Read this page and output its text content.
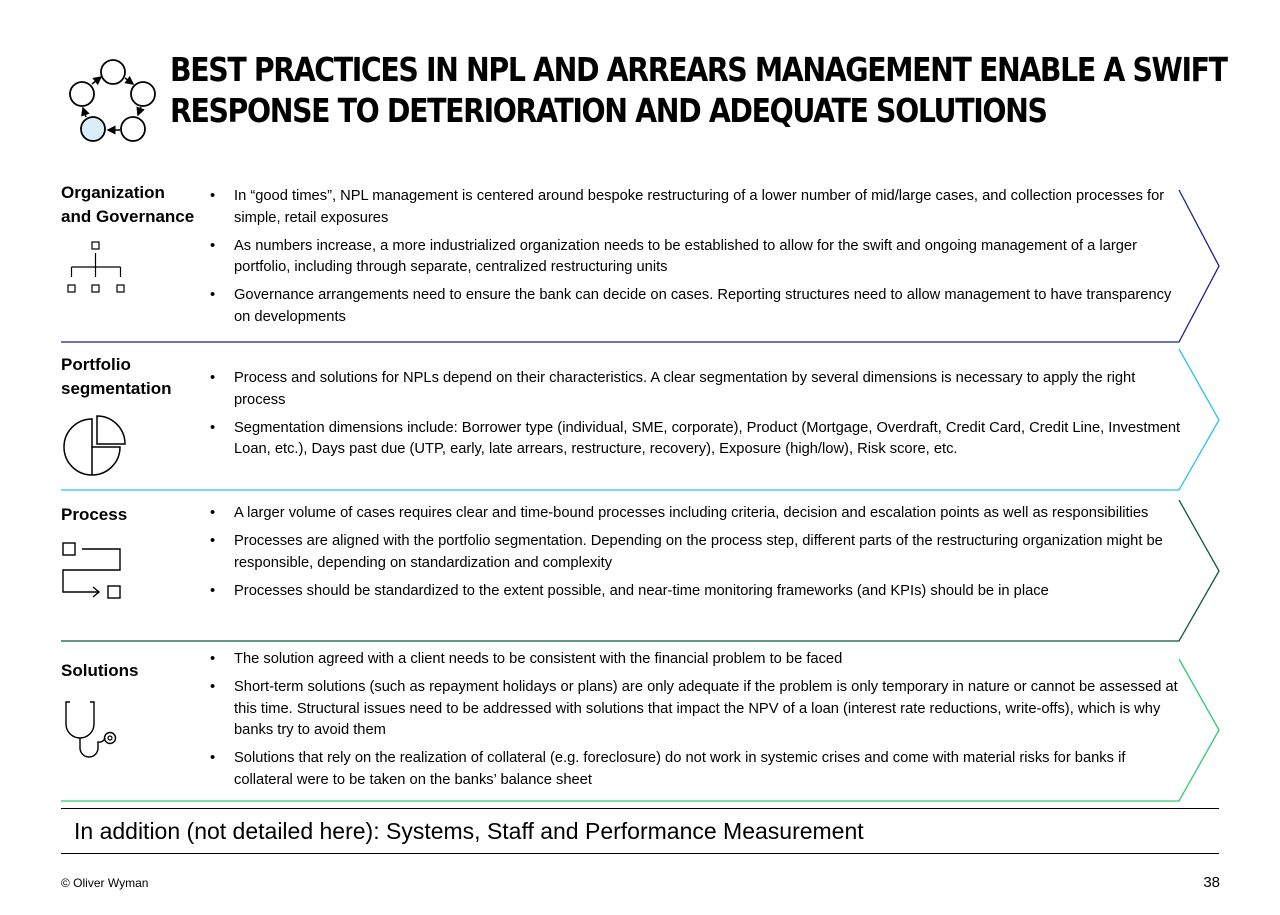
BEST PRACTICES IN NPL AND ARREARS MANAGEMENT ENABLE A SWIFT
RESPONSE TO DETERIORATION AND ADEQUATE SOLUTIONS
Organization
and Governance
• In “good times”, NPL management is centered around bespoke restructuring of a lower number of mid/large cases, and collection processes for simple, retail exposures
• As numbers increase, a more industrialized organization needs to be established to allow for the swift and ongoing management of a larger portfolio, including through separate, centralized restructuring units
• Governance arrangements need to ensure the bank can decide on cases. Reporting structures need to allow management to have transparency on developments
Portfolio
segmentation
• Process and solutions for NPLs depend on their characteristics. A clear segmentation by several dimensions is necessary to apply the right process
• Segmentation dimensions include: Borrower type (individual, SME, corporate), Product (Mortgage, Overdraft, Credit Card, Credit Line, Investment Loan, etc.), Days past due (UTP, early, late arrears, restructure, recovery), Exposure (high/low), Risk score, etc.
Process
•	A larger volume of cases requires clear and time-bound processes including criteria, decision and escalation points as well as responsibilities
• Processes are aligned with the portfolio segmentation. Depending on the process step, different parts of the restructuring organization might be responsible, depending on standardization and complexity
• Processes should be standardized to the extent possible, and near-time monitoring frameworks (and KPIs) should be in place
Solutions
• The solution agreed with a client needs to be consistent with the financial problem to be faced
• Short-term solutions (such as repayment holidays or plans) are only adequate if the problem is only temporary in nature or cannot be assessed at this time. Structural issues need to be addressed with solutions that impact the NPV of a loan (interest rate reductions, write-offs), which is why banks try to avoid them
• Solutions that rely on the realization of collateral (e.g. foreclosure) do not work in systemic crises and come with material risks for banks if collateral were to be taken on the banks’ balance sheet
In addition (not detailed here): Systems, Staff and Performance Measurement
© Oliver Wyman	38
